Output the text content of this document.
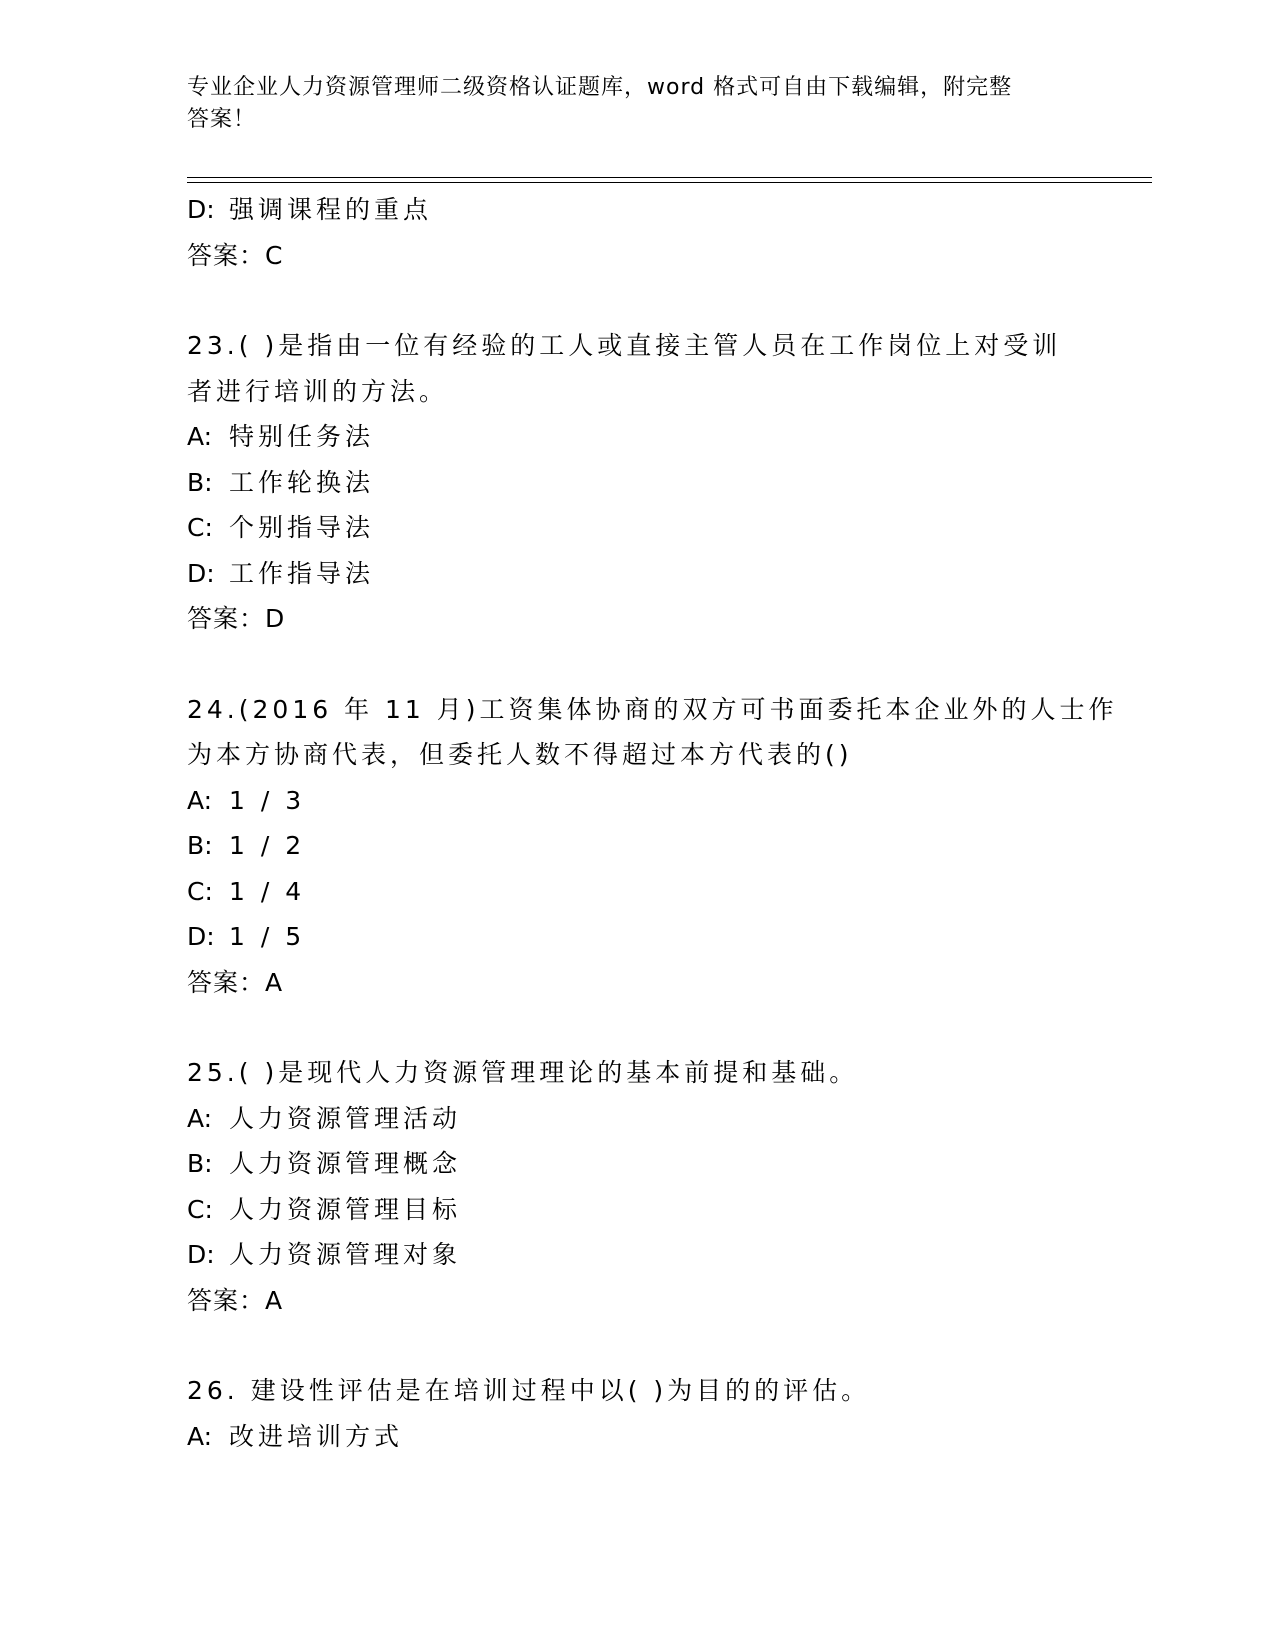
专业企业人力资源管理师二级资格认证题库，word 格式可自由下载编辑，附完整
答案！
D: 强调课程的重点
答案：C
23.( )是指由一位有经验的工人或直接主管人员在工作岗位上对受训
者进行培训的方法。
A: 特别任务法
B: 工作轮换法
C: 个别指导法
D: 工作指导法
答案：D
24.(2016 年 11 月)工资集体协商的双方可书面委托本企业外的人士作
为本方协商代表，但委托人数不得超过本方代表的()
A: 1 / 3
B: 1 / 2
C: 1 / 4
D: 1 / 5
答案：A
25.( )是现代人力资源管理理论的基本前提和基础。
A: 人力资源管理活动
B: 人力资源管理概念
C: 人力资源管理目标
D: 人力资源管理对象
答案：A
26. 建设性评估是在培训过程中以( )为目的的评估。
A: 改进培训方式
